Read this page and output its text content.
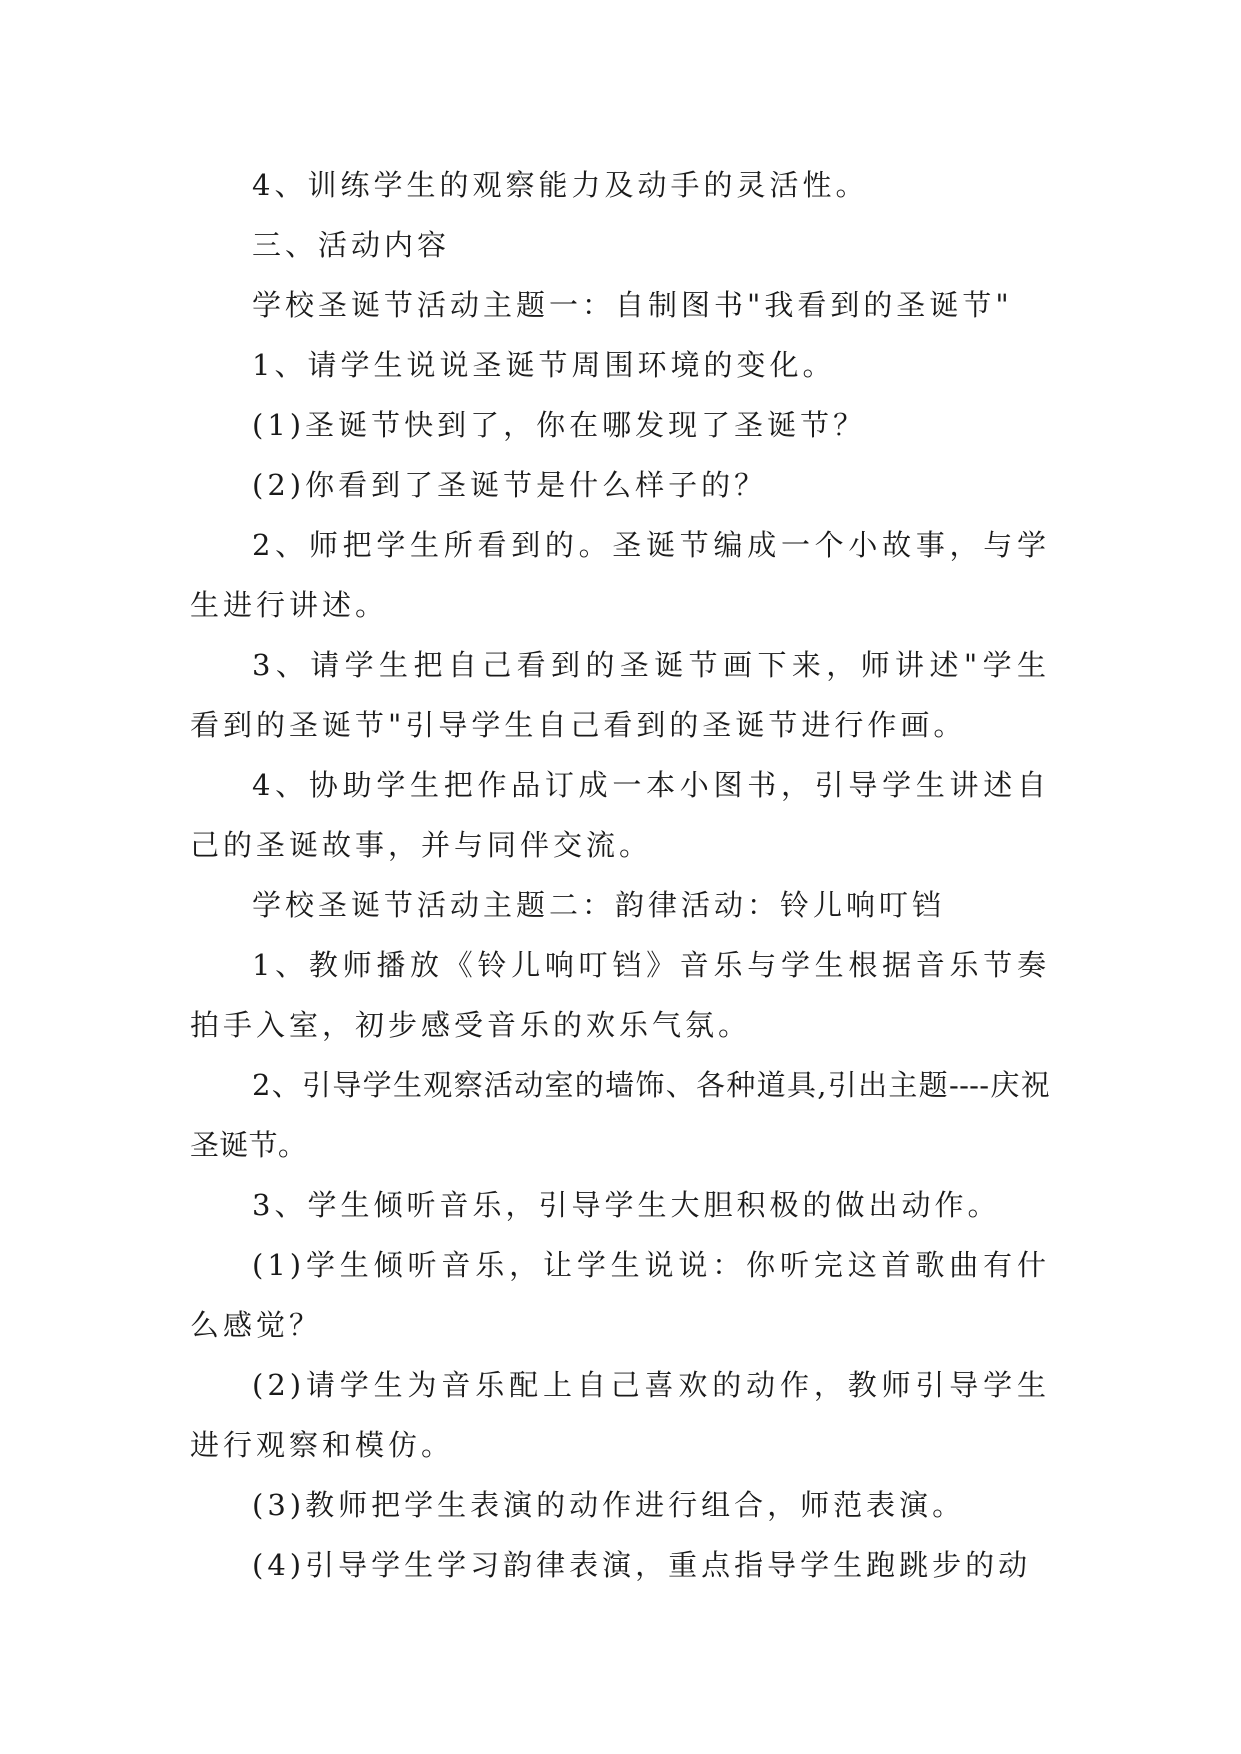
4、训练学生的观察能力及动手的灵活性。

三、活动内容

学校圣诞节活动主题一：自制图书"我看到的圣诞节"

1、请学生说说圣诞节周围环境的变化。

(1)圣诞节快到了，你在哪发现了圣诞节？

(2)你看到了圣诞节是什么样子的？

2、师把学生所看到的。圣诞节编成一个小故事，与学生进行讲述。

3、请学生把自己看到的圣诞节画下来，师讲述"学生看到的圣诞节"引导学生自己看到的圣诞节进行作画。

4、协助学生把作品订成一本小图书，引导学生讲述自己的圣诞故事，并与同伴交流。

学校圣诞节活动主题二：韵律活动：铃儿响叮铛

1、教师播放《铃儿响叮铛》音乐与学生根据音乐节奏拍手入室，初步感受音乐的欢乐气氛。

2、引导学生观察活动室的墙饰、各种道具,引出主题----庆祝圣诞节。

3、学生倾听音乐，引导学生大胆积极的做出动作。

(1)学生倾听音乐，让学生说说：你听完这首歌曲有什么感觉？

(2)请学生为音乐配上自己喜欢的动作，教师引导学生进行观察和模仿。

(3)教师把学生表演的动作进行组合，师范表演。

(4)引导学生学习韵律表演，重点指导学生跑跳步的动
